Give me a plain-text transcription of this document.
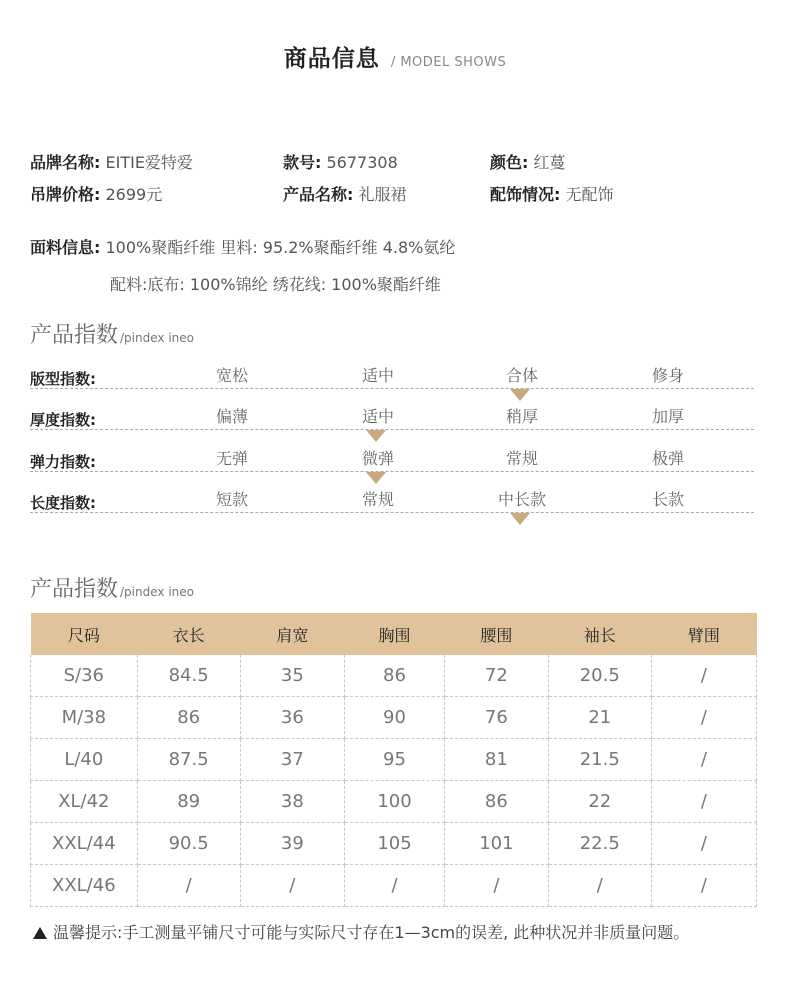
商品信息 / MODEL SHOWS
品牌名称: EITIE爱特爱	款号: 5677308	颜色: 红蔓
吊牌价格: 2699元	产品名称: 礼服裙	配饰情况: 无配饰
面料信息: 100%聚酯纤维 里料: 95.2%聚酯纤维 4.8%氨纶
配料:底布: 100%锦纶 绣花线: 100%聚酯纤维
产品指数 /pindex ineo
版型指数:	宽松	适中	合体	修身
厚度指数:	偏薄	适中	稍厚	加厚
弹力指数:	无弹	微弹	常规	极弹
长度指数:	短款	常规	中长款	长款
产品指数 /pindex ineo
尺码	衣长	肩宽	胸围	腰围	袖长	臂围
S/36	84.5	35	86	72	20.5	/
M/38	86	36	90	76	21	/
L/40	87.5	37	95	81	21.5	/
XL/42	89	38	100	86	22	/
XXL/44	90.5	39	105	101	22.5	/
XXL/46	/	/	/	/	/	/
温馨提示:手工测量平铺尺寸可能与实际尺寸存在1—3cm的误差, 此种状况并非质量问题。
